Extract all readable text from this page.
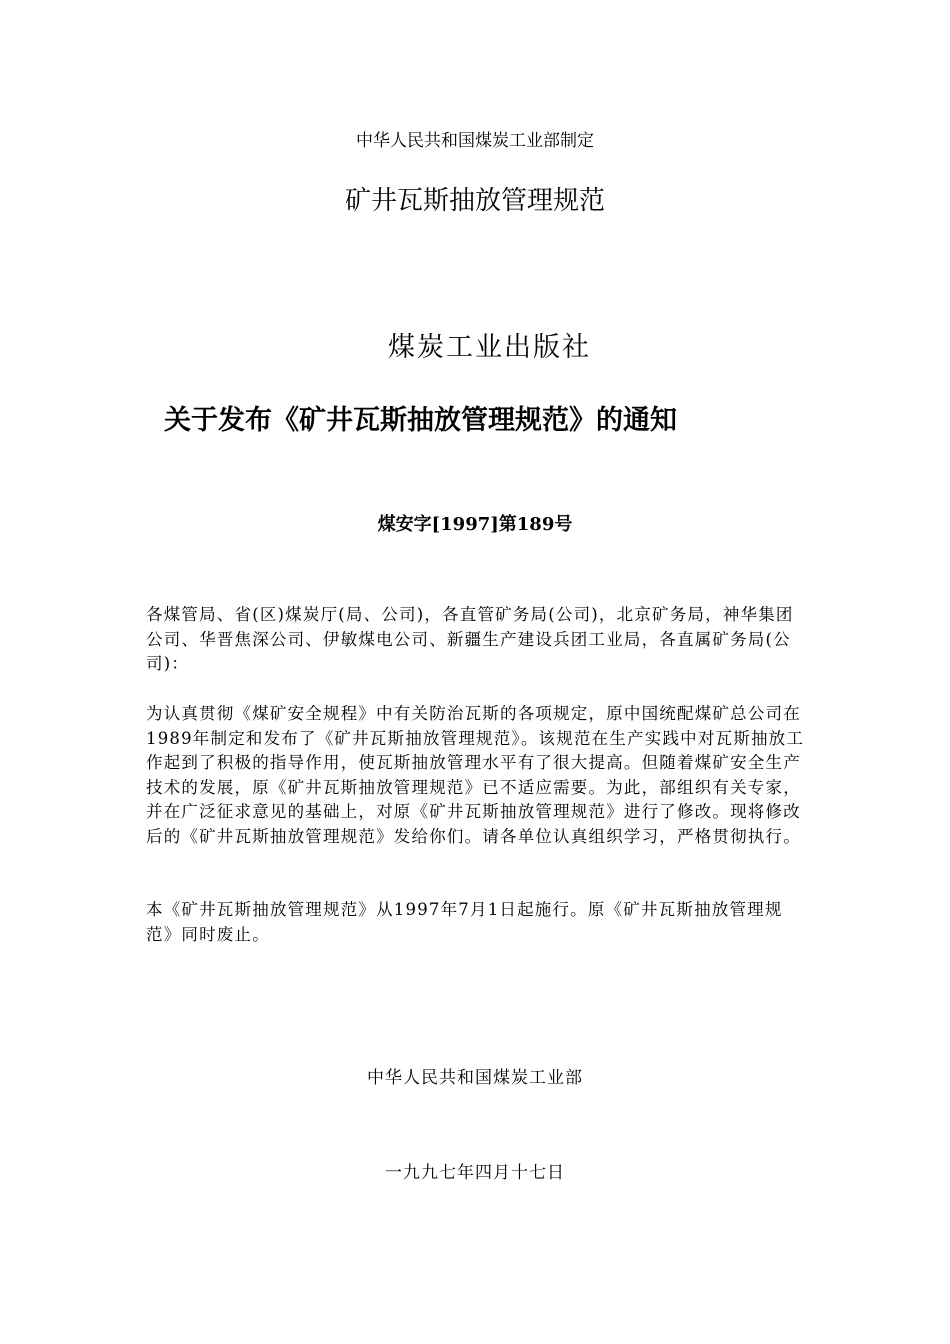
中华人民共和国煤炭工业部制定
矿井瓦斯抽放管理规范
煤炭工业出版社
关于发布《矿井瓦斯抽放管理规范》的通知
煤安字[1997]第189号
各煤管局、省(区)煤炭厅(局、公司)，各直管矿务局(公司)，北京矿务局，神华集团公司、华晋焦深公司、伊敏煤电公司、新疆生产建设兵团工业局，各直属矿务局(公司)：
为认真贯彻《煤矿安全规程》中有关防治瓦斯的各项规定，原中国统配煤矿总公司在1989年制定和发布了《矿井瓦斯抽放管理规范》。该规范在生产实践中对瓦斯抽放工作起到了积极的指导作用，使瓦斯抽放管理水平有了很大提高。但随着煤矿安全生产技术的发展，原《矿井瓦斯抽放管理规范》已不适应需要。为此，部组织有关专家，并在广泛征求意见的基础上，对原《矿井瓦斯抽放管理规范》进行了修改。现将修改后的《矿井瓦斯抽放管理规范》发给你们。请各单位认真组织学习，严格贯彻执行。
本《矿井瓦斯抽放管理规范》从1997年7月1日起施行。原《矿井瓦斯抽放管理规范》同时废止。
中华人民共和国煤炭工业部
一九九七年四月十七日
